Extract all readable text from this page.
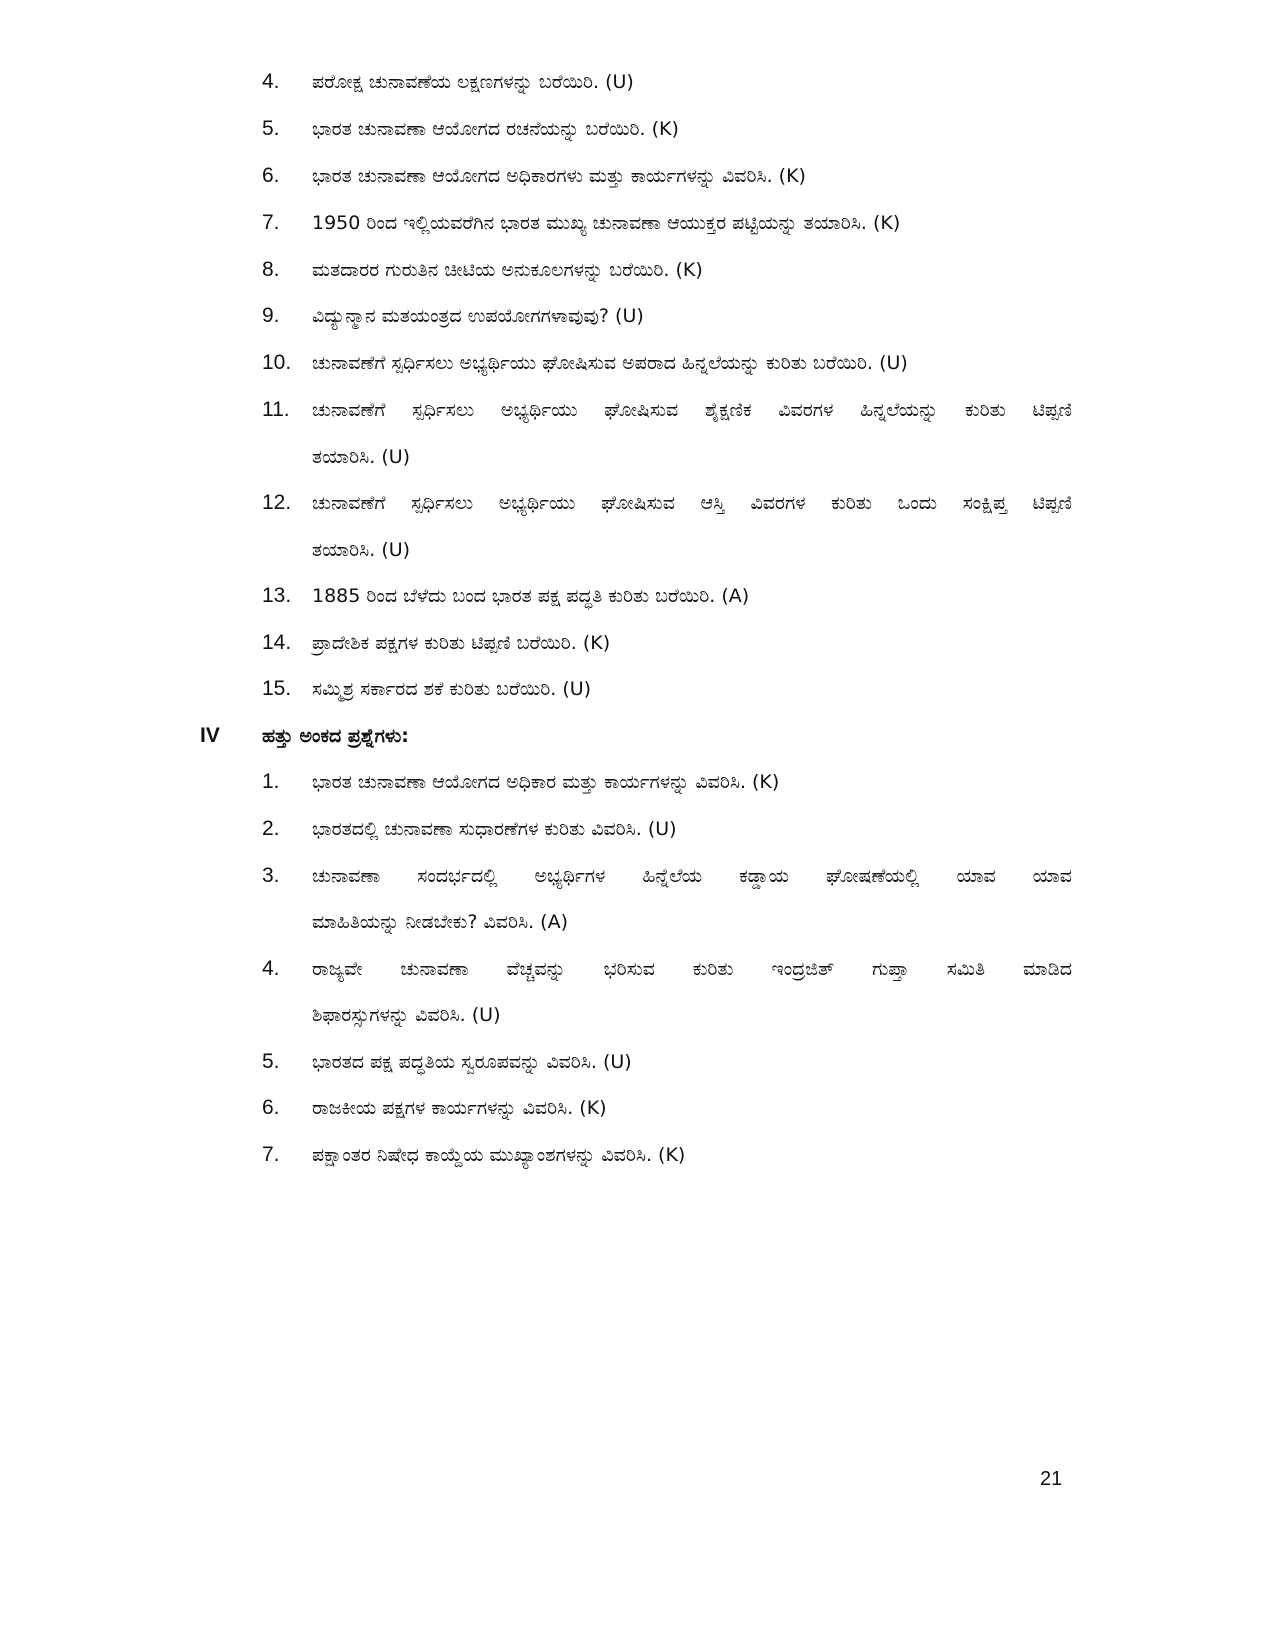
4.	ಪರೋಕ್ಷ ಚುನಾವಣೆಯ ಲಕ್ಷಣಗಳನ್ನು ಬರೆಯಿರಿ. (U)
5.	ಭಾರತ ಚುನಾವಣಾ ಆಯೋಗದ ರಚನೆಯನ್ನು ಬರೆಯಿರಿ. (K)
6.	ಭಾರತ ಚುನಾವಣಾ ಆಯೋಗದ ಅಧಿಕಾರಗಳು ಮತ್ತು ಕಾರ್ಯಗಳನ್ನು ವಿವರಿಸಿ. (K)
7.	1950 ರಿಂದ ಇಲ್ಲಿಯವರೆಗಿನ ಭಾರತ ಮುಖ್ಯ ಚುನಾವಣಾ ಆಯುಕ್ತರ ಪಟ್ಟಿಯನ್ನು ತಯಾರಿಸಿ. (K)
8.	ಮತದಾರರ ಗುರುತಿನ ಚೀಟಿಯ ಅನುಕೂಲಗಳನ್ನು ಬರೆಯಿರಿ. (K)
9.	ವಿದ್ಯುನ್ಮಾನ ಮತಯಂತ್ರದ ಉಪಯೋಗಗಳಾವುವು? (U)
10.	ಚುನಾವಣೆಗೆ ಸ್ಪರ್ಧಿಸಲು ಅಭ್ಯರ್ಥಿಯು ಘೋಷಿಸುವ ಅಪರಾದ ಹಿನ್ನಲೆಯನ್ನು ಕುರಿತು ಬರೆಯಿರಿ. (U)
11.	ಚುನಾವಣೆಗೆ ಸ್ಪರ್ಧಿಸಲು ಅಭ್ಯರ್ಥಿಯು ಘೋಷಿಸುವ ಶೈಕ್ಷಣಿಕ ವಿವರಗಳ ಹಿನ್ನಲೆಯನ್ನು ಕುರಿತು ಟಿಪ್ಪಣಿ
ತಯಾರಿಸಿ. (U)
12.	ಚುನಾವಣೆಗೆ ಸ್ಪರ್ಧಿಸಲು ಅಭ್ಯರ್ಥಿಯು ಘೋಷಿಸುವ ಆಸ್ತಿ ವಿವರಗಳ ಕುರಿತು ಒಂದು ಸಂಕ್ಷಿಪ್ತ ಟಿಪ್ಪಣಿ
ತಯಾರಿಸಿ. (U)
13.	1885 ರಿಂದ ಬೆಳೆದು ಬಂದ ಭಾರತ ಪಕ್ಷ ಪದ್ಧತಿ ಕುರಿತು ಬರೆಯಿರಿ. (A)
14.	ಪ್ರಾದೇಶಿಕ ಪಕ್ಷಗಳ ಕುರಿತು ಟಿಪ್ಪಣಿ ಬರೆಯಿರಿ. (K)
15.	ಸಮ್ಮಿಶ್ರ ಸರ್ಕಾರದ ಶಕೆ ಕುರಿತು ಬರೆಯಿರಿ. (U)
IV ಹತ್ತು ಅಂಕದ ಪ್ರಶ್ನೆಗಳು:
1.	ಭಾರತ ಚುನಾವಣಾ ಆಯೋಗದ ಅಧಿಕಾರ ಮತ್ತು ಕಾರ್ಯಗಳನ್ನು ವಿವರಿಸಿ. (K)
2.	ಭಾರತದಲ್ಲಿ ಚುನಾವಣಾ ಸುಧಾರಣೆಗಳ ಕುರಿತು ವಿವರಿಸಿ. (U)
3.	ಚುನಾವಣಾ ಸಂದರ್ಭದಲ್ಲಿ ಅಭ್ಯರ್ಥಿಗಳ ಹಿನ್ನೆಲೆಯ ಕಡ್ಡಾಯ ಘೋಷಣೆಯಲ್ಲಿ ಯಾವ ಯಾವ
ಮಾಹಿತಿಯನ್ನು ನೀಡಬೇಕು? ವಿವರಿಸಿ. (A)
4.	ರಾಜ್ಯವೇ ಚುನಾವಣಾ ವೆಚ್ಚವನ್ನು ಭರಿಸುವ ಕುರಿತು ಇಂದ್ರಜಿತ್ ಗುಪ್ತಾ ಸಮಿತಿ ಮಾಡಿದ
ಶಿಫಾರಸ್ಸುಗಳನ್ನು ವಿವರಿಸಿ. (U)
5.	ಭಾರತದ ಪಕ್ಷ ಪದ್ಧತಿಯ ಸ್ವರೂಪವನ್ನು ವಿವರಿಸಿ. (U)
6.	ರಾಜಕೀಯ ಪಕ್ಷಗಳ ಕಾರ್ಯಗಳನ್ನು ವಿವರಿಸಿ. (K)
7.	ಪಕ್ಷಾಂತರ ನಿಷೇಧ ಕಾಯ್ದೆಯ ಮುಖ್ಯಾಂಶಗಳನ್ನು ವಿವರಿಸಿ. (K)
21
